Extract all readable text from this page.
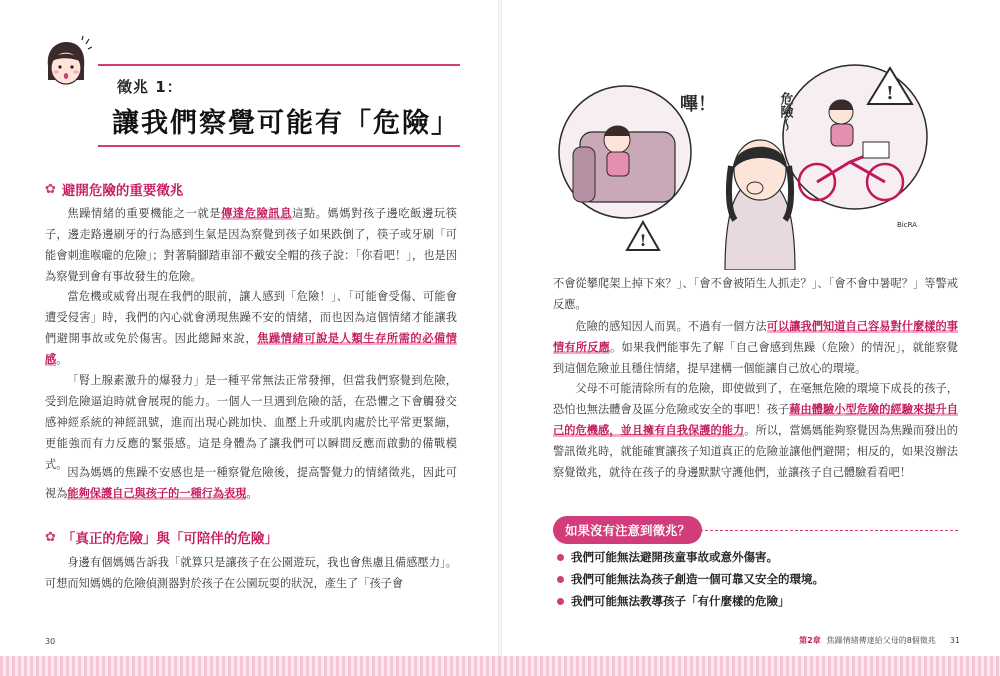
徵兆 1：
讓我們察覺可能有「危險」
✿ 避開危險的重要徵兆
焦躁情緒的重要機能之一就是傳達危險訊息這點。媽媽對孩子邊吃飯邊玩筷子，邊走路邊刷牙的行為感到生氣是因為察覺到孩子如果跌倒了，筷子或牙刷「可能會刺進喉嚨的危險」；對著騎腳踏車卻不戴安全帽的孩子說：「你看吧！」，也是因為察覺到會有事故發生的危險。
當危機或威脅出現在我們的眼前，讓人感到「危險！」、「可能會受傷、可能會遭受侵害」時，我們的內心就會湧現焦躁不安的情緒，而也因為這個情緒才能讓我們避開事故或免於傷害。因此總歸來說，焦躁情緒可說是人類生存所需的必備情感。
「腎上腺素激升的爆發力」是一種平常無法正常發揮，但當我們察覺到危險，受到危險逼迫時就會展現的能力。一個人一旦遇到危險的話，在恐懼之下會觸發交感神經系統的神經訊號，進而出現心跳加快、血壓上升或肌肉處於比平常更緊繃，更能強而有力反應的緊張感。這是身體為了讓我們可以瞬間反應而啟動的備戰模式。
因為媽媽的焦躁不安感也是一種察覺危險後，提高警覺力的情緒徵兆，因此可視為能夠保護自己與孩子的一種行為表現。
✿ 「真正的危險」與「可陪伴的危險」
身邊有個媽媽告訴我「就算只是讓孩子在公園遊玩，我也會焦慮且備感壓力」。可想而知媽媽的危險偵測器對於孩子在公園玩耍的狀況，產生了「孩子會
30
!
嗶！
BicRA
!
危險～
不會從攀爬架上掉下來？」、「會不會被陌生人抓走？」、「會不會中暑呢？」等警戒反應。
危險的感知因人而異。不過有一個方法可以讓我們知道自己容易對什麼樣的事情有所反應。如果我們能事先了解「自己會感到焦躁（危險）的情況」，就能察覺到這個危險並且穩住情緒，提早建構一個能讓自己放心的環境。
父母不可能清除所有的危險，即使做到了，在毫無危險的環境下成長的孩子，恐怕也無法體會及區分危險或安全的事吧！孩子藉由體驗小型危險的經驗來提升自己的危機感，並且擁有自我保護的能力。所以，當媽媽能夠察覺因為焦躁而發出的警訊徵兆時，就能確實讓孩子知道真正的危險並讓他們避開；相反的，如果沒辦法察覺徵兆，就待在孩子的身邊默默守護他們，並讓孩子自己體驗看看吧！
如果沒有注意到徵兆？
我們可能無法避開孩童事故或意外傷害。
我們可能無法為孩子創造一個可靠又安全的環境。
我們可能無法教導孩子「有什麼樣的危險」
第2章 焦躁情緒傳達給父母的8個徵兆 31
